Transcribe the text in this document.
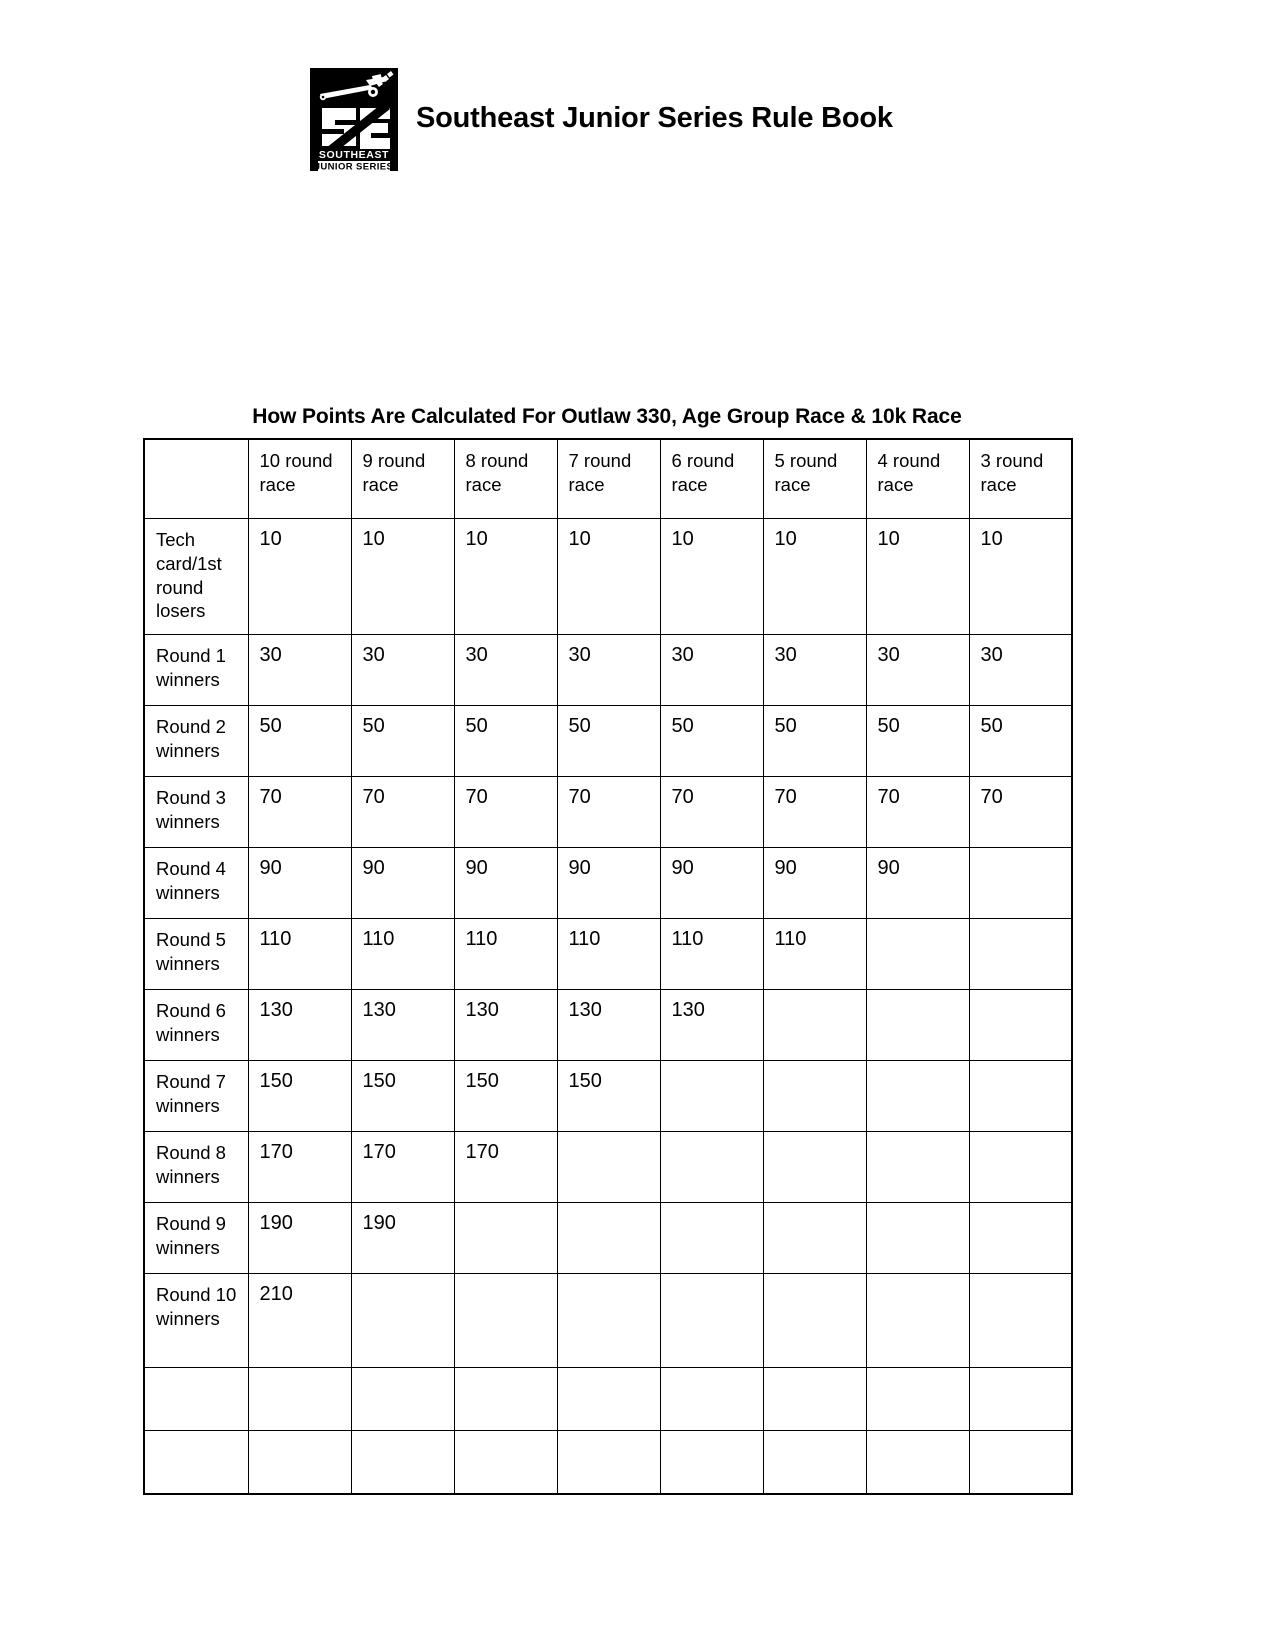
SOUTHEAST
JUNIOR SERIES
Southeast Junior Series Rule Book
How Points Are Calculated For Outlaw 330, Age Group Race & 10k Race
	10 round race	9 round race	8 round race	7 round race	6 round race	5 round race	4 round race	3 round race
Tech card/1st round losers	10	10	10	10	10	10	10	10
Round 1 winners	30	30	30	30	30	30	30	30
Round 2 winners	50	50	50	50	50	50	50	50
Round 3 winners	70	70	70	70	70	70	70	70
Round 4 winners	90	90	90	90	90	90	90	
Round 5 winners	110	110	110	110	110	110		
Round 6 winners	130	130	130	130	130			
Round 7 winners	150	150	150	150				
Round 8 winners	170	170	170					
Round 9 winners	190	190						
Round 10 winners	210							
